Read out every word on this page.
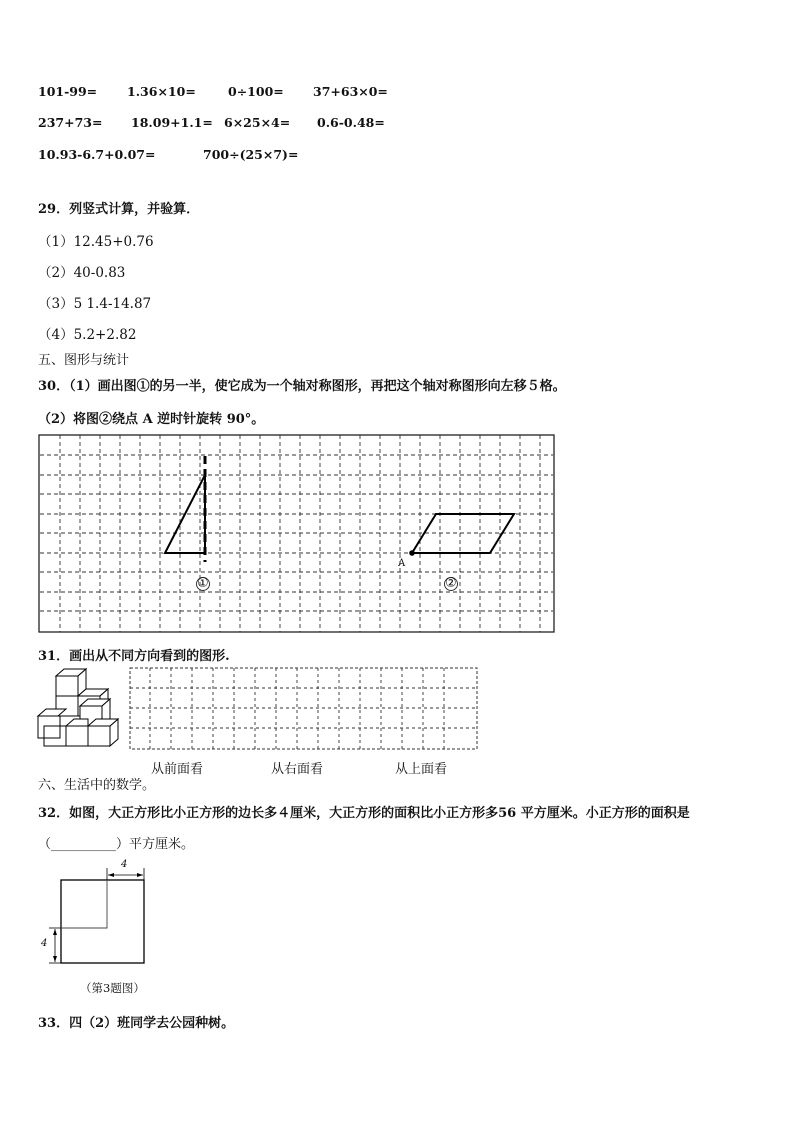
101-99= 1.36×10=	0÷100= 37+63×0=
237+73= 18.09+1.1= 6×25×4= 0.6-0.48=
10.93-6.7+0.07=	700÷(25×7)=
29．列竖式计算，并验算．
（1）12.45+0.76
（2）40-0.83
（3）5 1.4-14.87
（4）5.2+2.82
五、图形与统计
30．（1）画出图①的另一半，使它成为一个轴对称图形，再把这个轴对称图形向左移５格。
（2）将图②绕点 A 逆时针旋转 90°。
①	②
A
31．画出从不同方向看到的图形.
从前面看	从右面看	从上面看
六、生活中的数学。
32．如图，大正方形比小正方形的边长多４厘米，大正方形的面积比小正方形多56 平方厘米。小正方形的面积是
（__________）平方厘米。
4
4
（第3题图）
33．四（2）班同学去公园种树。
